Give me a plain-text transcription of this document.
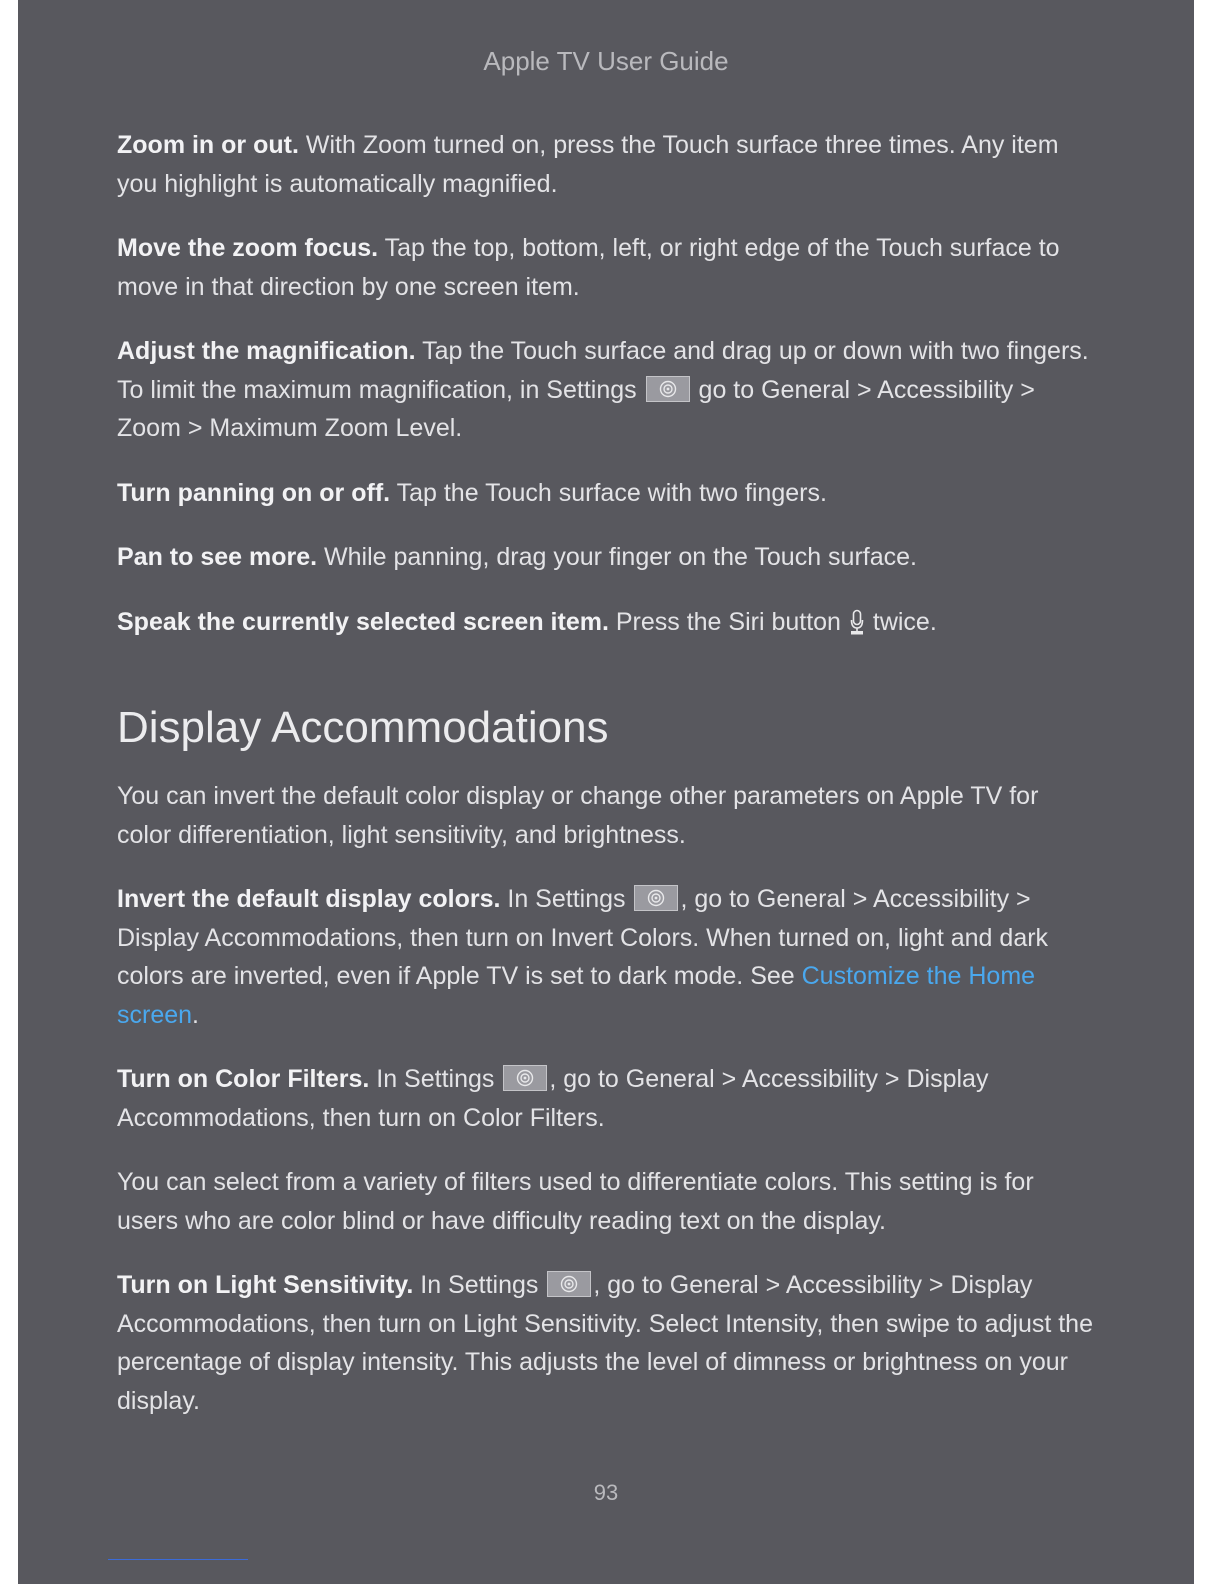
Apple TV User Guide

Zoom in or out. With Zoom turned on, press the Touch surface three times. Any item you highlight is automatically magnified.

Move the zoom focus. Tap the top, bottom, left, or right edge of the Touch surface to move in that direction by one screen item.

Adjust the magnification. Tap the Touch surface and drag up or down with two fingers. To limit the maximum magnification, in Settings
go to General > Accessibility > Zoom > Maximum Zoom Level.

Turn panning on or off. Tap the Touch surface with two fingers.

Pan to see more. While panning, drag your finger on the Touch surface.

Speak the currently selected screen item. Press the Siri button  twice.

Display Accommodations

You can invert the default color display or change other parameters on Apple TV for color differentiation, light sensitivity, and brightness.

Invert the default display colors. In Settings
, go to General > Accessibility > Display Accommodations, then turn on Invert Colors. When turned on, light and dark colors are inverted, even if Apple TV is set to dark mode. See Customize the Home screen.

Turn on Color Filters. In Settings
, go to General > Accessibility > Display Accommodations, then turn on Color Filters.

You can select from a variety of filters used to differentiate colors. This setting is for users who are color blind or have difficulty reading text on the display.

Turn on Light Sensitivity. In Settings
, go to General > Accessibility > Display Accommodations, then turn on Light Sensitivity. Select Intensity, then swipe to adjust the percentage of display intensity. This adjusts the level of dimness or brightness on your display.

93
